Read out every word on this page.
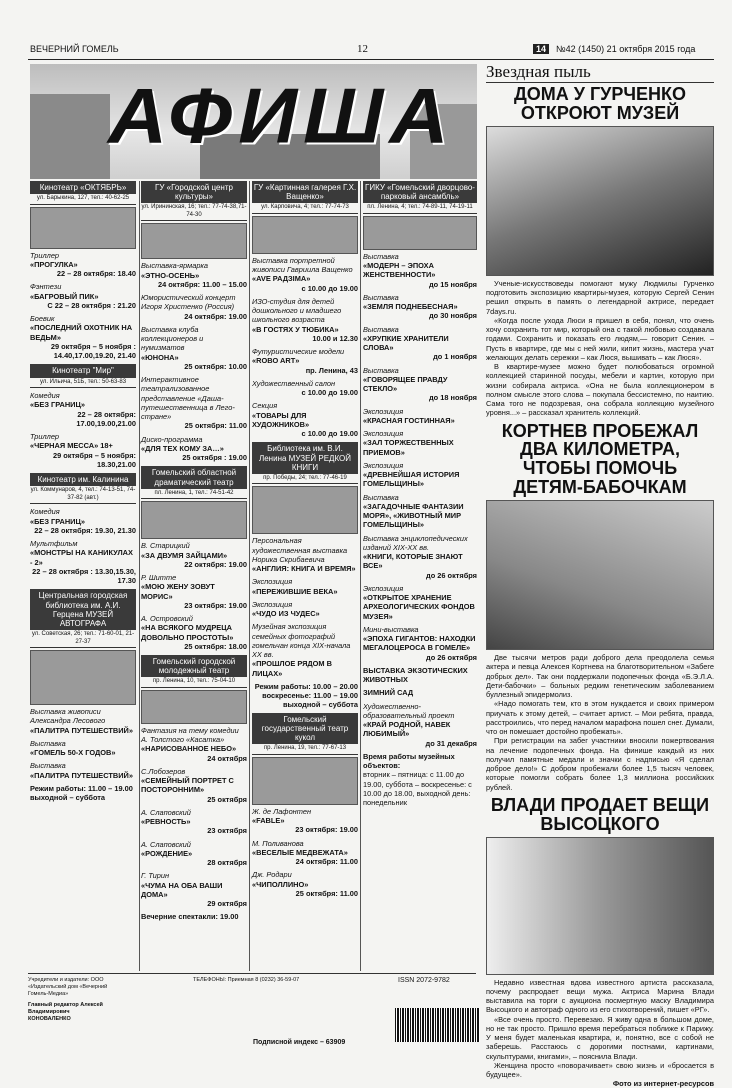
ВЕЧЕРНИЙ ГОМЕЛЬ	12	14	№42 (1450) 21 октября 2015 года
АФИША
Кинотеатр «ОКТЯБРЬ»
ул. Барыкина, 127, тел.: 40-62-25
Триллер
«ПРОГУЛКА»
22 – 28 октября: 18.40
Фэнтези
«БАГРОВЫЙ ПИК»
С 22 – 28 октября : 21.20
Боевик
«ПОСЛЕДНИЙ ОХОТНИК НА ВЕДЬМ»
29 октября – 5 ноября : 14.40,17.00,19.20, 21.40
Кинотеатр "Мир"
ул. Ильича, 51Б, тел.: 50-63-83
Комедия
«БЕЗ ГРАНИЦ»
22 – 28 октября: 17.00,19.00,21.00
Триллер
«ЧЕРНАЯ МЕССА» 18+
29 октября – 5 ноября: 18.30,21.00
Кинотеатр им. Калинина
ул. Коммунаров, 4, тел.: 74-13-51, 74-37-82 (авт.)
Комедия
«БЕЗ ГРАНИЦ»
22 – 28 октября: 19.30, 21.30
Мультфильм
«МОНСТРЫ НА КАНИКУЛАХ - 2»
22 – 28 октября : 13.30,15.30, 17.30
Центральная городская библиотека им. А.И. Герцена МУЗЕЙ АВТОГРАФА
ул. Советская, 26; тел.: 71-60-01, 21-27-37
Выставка живописи Александра Лесового
«ПАЛИТРА ПУТЕШЕСТВИЙ»
Выставка
«ГОМЕЛЬ 50-Х ГОДОВ»
Выставка
«ПАЛИТРА ПУТЕШЕСТВИЙ»
Режим работы: 11.00 – 19.00 выходной – суббота
ГУ «Городской центр культуры»
ул. Ирининская, 16; тел.: 77-74-38,71-74-30
Выставка-ярмарка
«ЭТНО-ОСЕНЬ»
24 октября: 11.00 – 15.00
Юмористический концерт Игоря Христенко (Россия)
24 октября: 19.00
Выставка клуба коллекционеров и нумизматов
«ЮНОНА»
25 октября: 10.00
Интерактивное театрализованное представление «Даша-путешественница в Лего-стране»
25 октября: 11.00
Диско-программа
«ДЛЯ ТЕХ КОМУ ЗА…»
25 октября : 19.00
Гомельский областной драматический театр
пл. Ленина, 1, тел.: 74-51-42
В. Старицкий
«ЗА ДВУМЯ ЗАЙЦАМИ»
22 октября: 19.00
Р. Шитте
«МОЮ ЖЕНУ ЗОВУТ МОРИС»
23 октября: 19.00
А. Островский
«НА ВСЯКОГО МУДРЕЦА ДОВОЛЬНО ПРОСТОТЫ»
25 октября: 18.00
Гомельский городской молодежный театр
пр. Ленина, 10, тел.: 75-04-10
Фантазия на тему комедии А. Толстого «Касатка»
«НАРИСОВАННОЕ НЕБО»
24 октября
С.Лобозеров
«СЕМЕЙНЫЙ ПОРТРЕТ С ПОСТОРОННИМ»
25 октября
А. Слаповский
«РЕВНОСТЬ»
23 октября
А. Слаповский
«РОЖДЕНИЕ»
28 октября
Г. Тирин
«ЧУМА НА ОБА ВАШИ ДОМА»
29 октября
Вечерние спектакли: 19.00
ГУ «Картинная галерея Г.Х. Ващенко»
ул. Карповича, 4; тел.: 77-74-73
Выставка портретной живописи Гавриила Ващенко
«AVE РАДЗІМА»
с 10.00 до 19.00
ИЗО-студия для детей дошкольного и младшего школьного возраста
«В ГОСТЯХ У ТЮБИКА»
10.00 и 12.30
Футуристические модели
«ROBO ART»
пр. Ленина, 43
Художественный салон
с 10.00 до 19.00
Секция
«ТОВАРЫ ДЛЯ ХУДОЖНИКОВ»
с 10.00 до 19.00
Библиотека им. В.И. Ленина МУЗЕЙ РЕДКОЙ КНИГИ
пр. Победы, 24; тел.: 77-46-19
Персональная художественная выставка Норика Скрибаевича
«АНГЛИЯ: КНИГА И ВРЕМЯ»
Экспозиция
«ПЕРЕЖИВШИЕ ВЕКА»
Экспозиция
«ЧУДО ИЗ ЧУДЕС»
Музейная экспозиция семейных фотографий гомельчан конца XIX-начала XX вв.
«ПРОШЛОЕ РЯДОМ В ЛИЦАХ»
Режим работы: 10.00 – 20.00 воскресенье: 11.00 – 19.00 выходной – суббота
Гомельский государственный театр кукол
пр. Ленина, 19, тел.: 77-67-13
Ж. де Лафонтен
«FABLE»
23 октября: 19.00
М. Поливанова
«ВЕСЕЛЫЕ МЕДВЕЖАТА»
24 октября: 11.00
Дж. Родари
«ЧИПОЛЛИНО»
25 октября: 11.00
ГИКУ «Гомельский дворцово-парковый ансамбль»
пл. Ленина, 4; тел.: 74-89-11, 74-19-11
Выставка
«МОДЕРН – ЭПОХА ЖЕНСТВЕННОСТИ»
до 15 ноября
Выставка
«ЗЕМЛЯ ПОДНЕБЕСНАЯ»
до 30 ноября
Выставка
«ХРУПКИЕ ХРАНИТЕЛИ СЛОВА»
до 1 ноября
Выставка
«ГОВОРЯЩЕЕ ПРАВДУ СТЕКЛО»
до 18 ноября
Экспозиция
«КРАСНАЯ ГОСТИННАЯ»
Экспозиция
«ЗАЛ ТОРЖЕСТВЕННЫХ ПРИЕМОВ»
Экспозиция
«ДРЕВНЕЙШАЯ ИСТОРИЯ ГОМЕЛЬЩИНЫ»
Выставка
«ЗАГАДОЧНЫЕ ФАНТАЗИИ МОРЯ», «ЖИВОТНЫЙ МИР ГОМЕЛЬЩИНЫ»
Выставка энциклопедических изданий XIX-XX вв.
«КНИГИ, КОТОРЫЕ ЗНАЮТ ВСЕ»
до 26 октября
Экспозиция
«ОТКРЫТОЕ ХРАНЕНИЕ АРХЕОЛОГИЧЕСКИХ ФОНДОВ МУЗЕЯ»
Мини-выставка
«ЭПОХА ГИГАНТОВ: НАХОДКИ МЕГАЛОЦЕРОСА В ГОМЕЛЕ»
до 26 октября
ВЫСТАВКА ЭКЗОТИЧЕСКИХ ЖИВОТНЫХ
ЗИМНИЙ САД
Художественно-образовательный проект
«КРАЙ РОДНОЙ, НАВЕК ЛЮБИМЫЙ»
до 31 декабря
Время работы музейных объектов:
вторник – пятница: с 11.00 до 19.00, суббота – воскресенье: с 10.00 до 18.00, выходной день: понедельник
Звездная пыль
ДОМА У ГУРЧЕНКО ОТКРОЮТ МУЗЕЙ
Ученые-искусствоведы помогают мужу Людмилы Гурченко подготовить экспозицию квартиры-музея, которую Сергей Сенин решил открыть в память о легендарной актрисе, передает 7days.ru.
«Когда после ухода Люси я пришел в себя, понял, что очень хочу сохранить тот мир, который она с такой любовью создавала годами. Сохранить и показать его людям,— говорит Сенин. – Пусть в квартире, где мы с ней жили, кипит жизнь, мастера учат желающих делать сережки – как Люся, вышивать – как Люся».
В квартире-музее можно будет полюбоваться огромной коллекцией старинной посуды, мебели и картин, которую при жизни собирала актриса. «Она не была коллекционером в полном смысле этого слова – покупала бессистемно, по наитию. Сама того не подозревая, она собрала коллекцию музейного уровня...» – рассказал хранитель коллекций.
КОРТНЕВ ПРОБЕЖАЛ ДВА КИЛОМЕТРА, ЧТОБЫ ПОМОЧЬ ДЕТЯМ-БАБОЧКАМ
Две тысячи метров ради доброго дела преодолела семья актера и певца Алексея Кортнева на благотворительном «Забеге добрых дел». Так они поддержали подопечных фонда «Б.Э.Л.А. Дети-бабочки» – больных редким генетическим заболеванием буллезный эпидермолиз.
«Надо помогать тем, кто в этом нуждается и своих примером приучать к этому детей, – считает артист. – Мои ребята, правда, расстроились, что перед началом марафона пошел снег. Думали, что он помешает достойно пробежать».
При регистрации на забег участники вносили пожертвования на лечение подопечных фонда. На финише каждый из них получил памятные медали и значки с надписью «Я сделал доброе дело!» С добром пробежали более 1,5 тысяч человек, которые помогли собрать более 1,3 миллиона российских рублей.
ВЛАДИ ПРОДАЕТ ВЕЩИ ВЫСОЦКОГО
Недавно известная вдова известного артиста рассказала, почему распродает вещи мужа. Актриса Марина Влади выставила на торги с аукциона посмертную маску Владимира Высоцкого и автограф одного из его стихотворений, пишет «РГ».
«Все очень просто. Перевезаю. Я живу одна в большом доме, но не так просто. Пришло время перебраться поближе к Парижу. У меня будет маленькая квартира, и, понятно, все с собой не заберешь. Расстаюсь с дорогими постнами, картинами, скульптурами, книгами», – пояснила Влади.
Женщина просто «поворачивает» свою жизнь и «бросается в будущее».
Фото из интернет-ресурсов
Учредители и издатели: ООО «Издательский дом «Вечерний Гомель-Медиа»
Главный редактор Алексей Владимирович КОНОВАЛЕНКО
ТЕЛЕФОНЫ: Приемная 8 (0232) 36-59-07
Подписной индекс – 63909
ISSN 2072-9782
